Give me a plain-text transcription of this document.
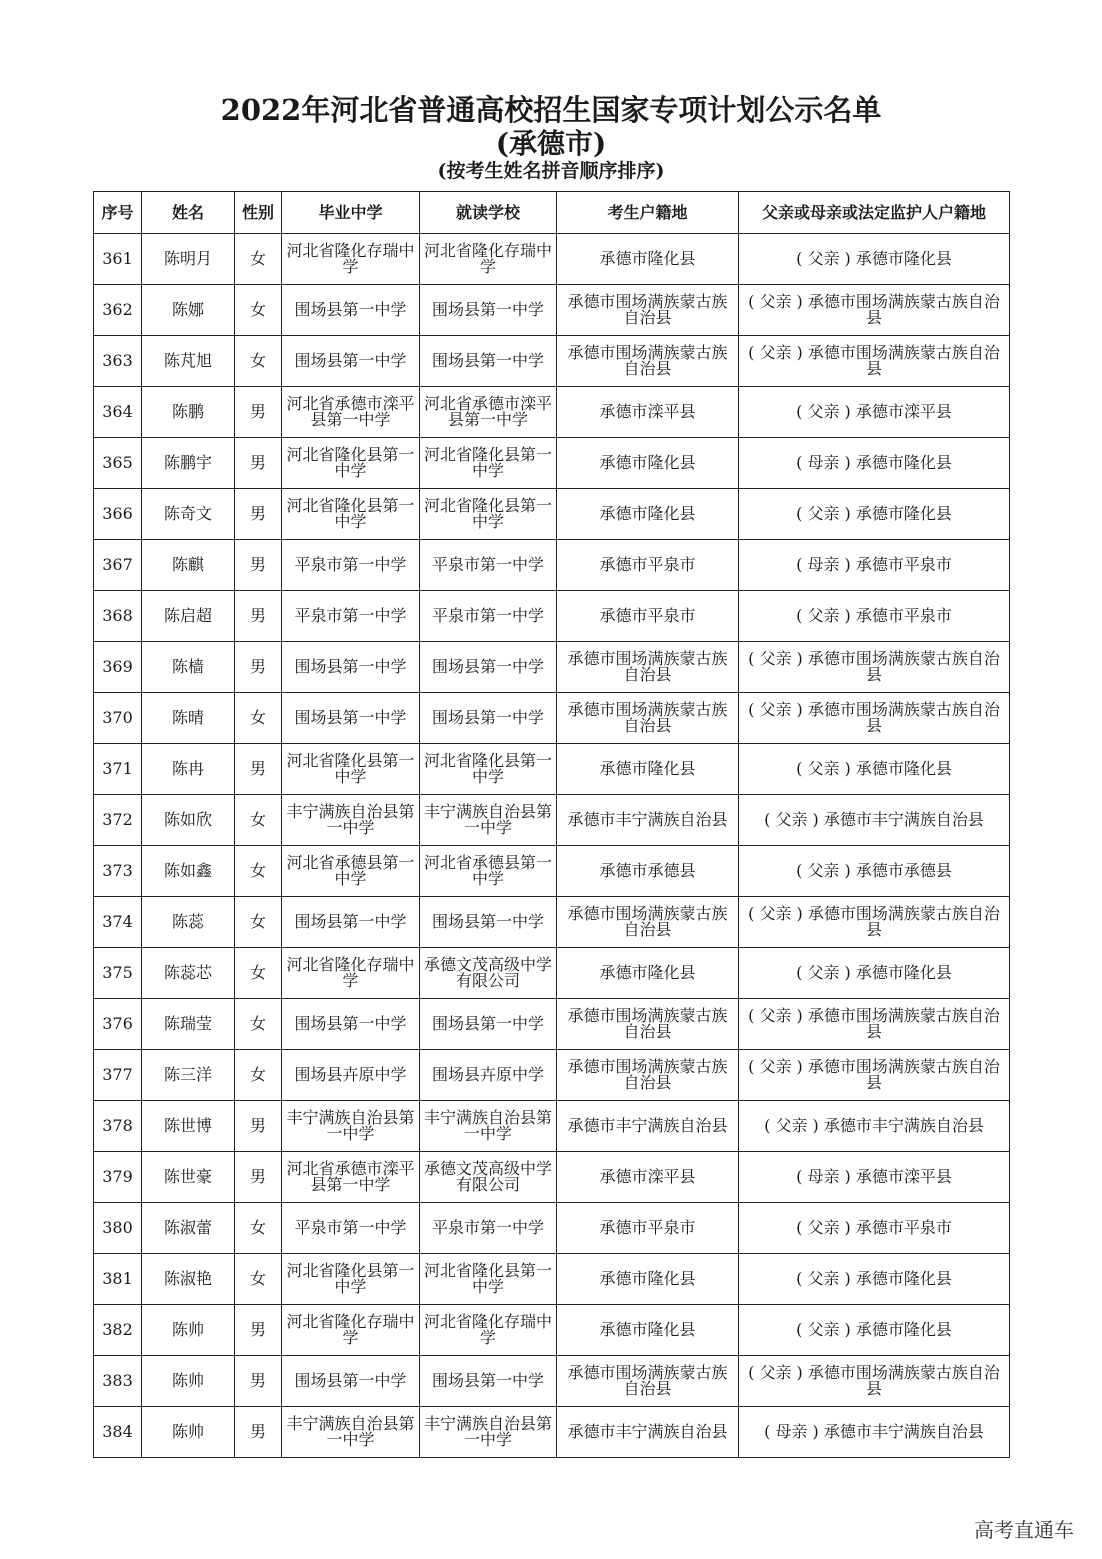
2022年河北省普通高校招生国家专项计划公示名单
(承德市)
(按考生姓名拼音顺序排序)
序号	姓名	性别	毕业中学	就读学校	考生户籍地	父亲或母亲或法定监护人户籍地
361	陈明月	女	河北省隆化存瑞中学	河北省隆化存瑞中学	承德市隆化县	( 父亲 ) 承德市隆化县
362	陈娜	女	围场县第一中学	围场县第一中学	承德市围场满族蒙古族自治县	( 父亲 ) 承德市围场满族蒙古族自治县
363	陈芃旭	女	围场县第一中学	围场县第一中学	承德市围场满族蒙古族自治县	( 父亲 ) 承德市围场满族蒙古族自治县
364	陈鹏	男	河北省承德市滦平县第一中学	河北省承德市滦平县第一中学	承德市滦平县	( 父亲 ) 承德市滦平县
365	陈鹏宇	男	河北省隆化县第一中学	河北省隆化县第一中学	承德市隆化县	( 母亲 ) 承德市隆化县
366	陈奇文	男	河北省隆化县第一中学	河北省隆化县第一中学	承德市隆化县	( 父亲 ) 承德市隆化县
367	陈麒	男	平泉市第一中学	平泉市第一中学	承德市平泉市	( 母亲 ) 承德市平泉市
368	陈启超	男	平泉市第一中学	平泉市第一中学	承德市平泉市	( 父亲 ) 承德市平泉市
369	陈樯	男	围场县第一中学	围场县第一中学	承德市围场满族蒙古族自治县	( 父亲 ) 承德市围场满族蒙古族自治县
370	陈晴	女	围场县第一中学	围场县第一中学	承德市围场满族蒙古族自治县	( 父亲 ) 承德市围场满族蒙古族自治县
371	陈冉	男	河北省隆化县第一中学	河北省隆化县第一中学	承德市隆化县	( 父亲 ) 承德市隆化县
372	陈如欣	女	丰宁满族自治县第一中学	丰宁满族自治县第一中学	承德市丰宁满族自治县	( 父亲 ) 承德市丰宁满族自治县
373	陈如鑫	女	河北省承德县第一中学	河北省承德县第一中学	承德市承德县	( 父亲 ) 承德市承德县
374	陈蕊	女	围场县第一中学	围场县第一中学	承德市围场满族蒙古族自治县	( 父亲 ) 承德市围场满族蒙古族自治县
375	陈蕊芯	女	河北省隆化存瑞中学	承德文茂高级中学有限公司	承德市隆化县	( 父亲 ) 承德市隆化县
376	陈瑞莹	女	围场县第一中学	围场县第一中学	承德市围场满族蒙古族自治县	( 父亲 ) 承德市围场满族蒙古族自治县
377	陈三洋	女	围场县卉原中学	围场县卉原中学	承德市围场满族蒙古族自治县	( 父亲 ) 承德市围场满族蒙古族自治县
378	陈世博	男	丰宁满族自治县第一中学	丰宁满族自治县第一中学	承德市丰宁满族自治县	( 父亲 ) 承德市丰宁满族自治县
379	陈世豪	男	河北省承德市滦平县第一中学	承德文茂高级中学有限公司	承德市滦平县	( 母亲 ) 承德市滦平县
380	陈淑蕾	女	平泉市第一中学	平泉市第一中学	承德市平泉市	( 父亲 ) 承德市平泉市
381	陈淑艳	女	河北省隆化县第一中学	河北省隆化县第一中学	承德市隆化县	( 父亲 ) 承德市隆化县
382	陈帅	男	河北省隆化存瑞中学	河北省隆化存瑞中学	承德市隆化县	( 父亲 ) 承德市隆化县
383	陈帅	男	围场县第一中学	围场县第一中学	承德市围场满族蒙古族自治县	( 父亲 ) 承德市围场满族蒙古族自治县
384	陈帅	男	丰宁满族自治县第一中学	丰宁满族自治县第一中学	承德市丰宁满族自治县	( 母亲 ) 承德市丰宁满族自治县
高考直通车
